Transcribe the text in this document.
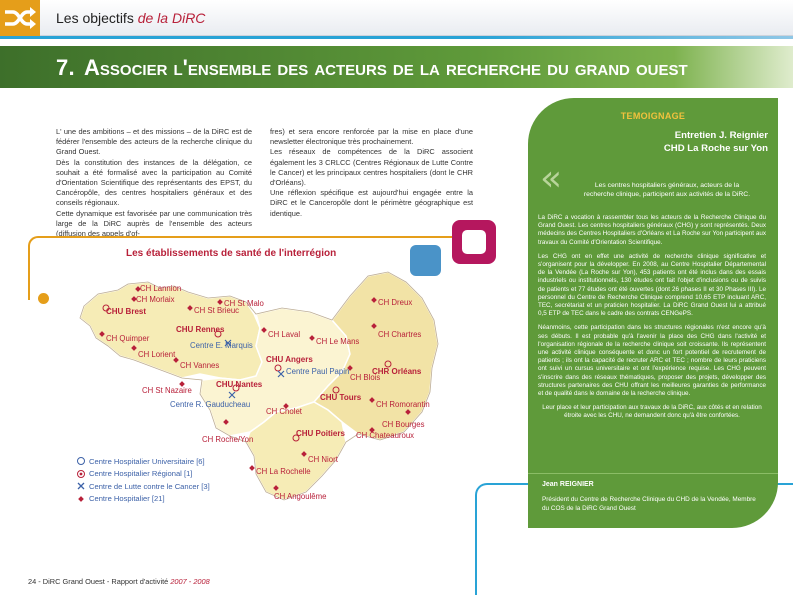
Les objectifs de la DiRC
7. Associer l'ensemble des acteurs de la recherche du grand ouest

L' une des ambitions – et des missions – de la DiRC est de fédérer l'ensemble des acteurs de la recherche clinique du Grand Ouest.

Dès la constitution des instances de la délégation, ce souhait a été formalisé avec la participation au Comité d'Orientation Scientifique des représentants des EPST, du Cancéropôle, des centres hospitaliers généraux et des conseils régionaux.

Cette dynamique est favorisée par une communication très large de la DiRC auprès de l'ensemble des acteurs (diffusion des appels d'of-

fres) et sera encore renforcée par la mise en place d'une newsletter électronique très prochainement.

Les réseaux de compétences de la DiRC associent également les 3 CRLCC (Centres Régionaux de Lutte Contre le Cancer) et les principaux centres hospitaliers (dont le CHR d'Orléans).

Une réflexion spécifique est aujourd'hui engagée entre la DiRC et le Canceropôle dont le périmètre géographique est identique.

Les établissements de santé de l'interrégion
CH Lannion
CHU Brest
CH Morlaix
CH St Brieuc
CH St Malo
CH Quimper
CHU Rennes
Centre E. Marquis
CH Lorient
CH Vannes
CH Laval
CH Le Mans
CH Dreux
CH Chartres
CHU Angers
Centre Paul Papin
CHU Nantes
CH St Nazaire
Centre R. Gauducheau
CH Blois
CHR Orléans
CH Cholet
CHU Tours
CH Romorantin
CH Roche/Yon
CH Bourges
CH Chateauroux
CHU Poitiers
CH Niort
CH La Rochelle
CH Angoulême
Centre Hospitalier Universitaire [6]
Centre Hospitalier Régional [1]
Centre de Lutte contre le Cancer [3]
Centre Hospitalier [21]
TEMOIGNAGE
Entretien J. Reignier
CHD La Roche sur Yon
«	Les centres hospitaliers généraux, acteurs de la recherche clinique, participent aux activités de la DiRC.

La DiRC a vocation à rassembler tous les acteurs de la Recherche Clinique du Grand Ouest. Les centres hospitaliers généraux (CHG) y sont représentés. Deux médecins des Centres Hospitaliers d'Orléans et La Roche sur Yon participent aux travaux du Comité d'Orientation Scientifique.

Les CHG ont en effet une activité de recherche clinique significative et s'organisent pour la développer. En 2008, au Centre Hospitalier Départemental de la Vendée (La Roche sur Yon), 453 patients ont été inclus dans des essais industriels ou institutionnels, 130 études ont fait l'objet d'inclusions ou de suivis de patients et 77 études ont été ouvertes (dont 26 phases II et 30 Phases III). Le personnel du Centre de Recherche Clinique comprend 10,65 ETP incluant ARC, TEC, secrétariat et un praticien hospitalier. La DiRC Grand Ouest lui a attribué 0,5 ETP de TEC dans le cadre des contrats CENGePS.

Néanmoins, cette participation dans les structures régionales n'est encore qu'à ses débuts. Il est probable qu'à l'avenir la place des CHG dans l'activité et l'organisation régionale de la recherche clinique soit croissante. Ils représentent une activité clinique conséquente et donc un fort potentiel de recrutement de patients ; ils ont la capacité de recruter ARC et TEC ; nombre de leurs praticiens ont suivi un cursus universitaire et ont l'expérience requise. Les CHG peuvent s'inscrire dans des réseaux thématiques, proposer des projets, développer des structures partenaires des CHU offrant les meilleures garanties de performance et de qualité dans le domaine de la recherche clinique.

Leur place et leur participation aux travaux de la DiRC, aux côtés et en relation étroite avec les CHU, ne demandent donc qu'à être confortées.

Jean REIGNIER
Président du Centre de Recherche Clinique du CHD de la Vendée, Membre du COS de la DiRC Grand Ouest
24 - DiRC Grand Ouest - Rapport d'activité 2007 - 2008
